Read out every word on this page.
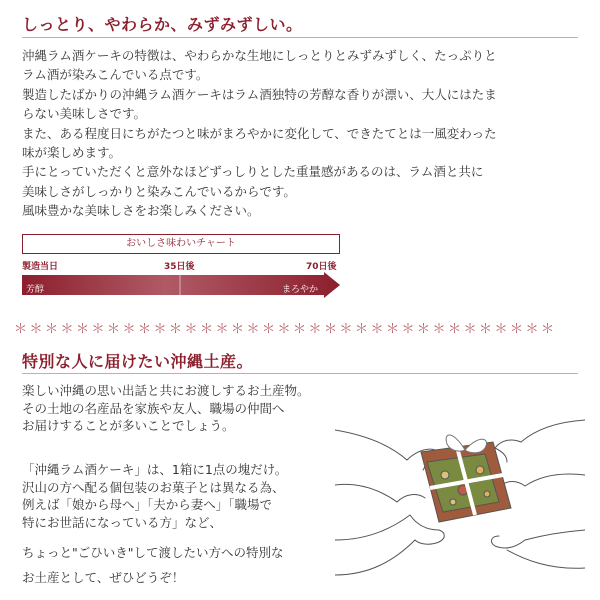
しっとり、やわらか、みずみずしい。

沖縄ラム酒ケーキの特徴は、やわらかな生地にしっとりとみずみずしく、たっぷりと

ラム酒が染みこんでいる点です。

製造したばかりの沖縄ラム酒ケーキはラム酒独特の芳醇な香りが漂い、大人にはたま

らない美味しさです。

また、ある程度日にちがたつと味がまろやかに変化して、できたてとは一風変わった

味が楽しめます。

手にとっていただくと意外なほどずっしりとした重量感があるのは、ラム酒と共に

美味しさがしっかりと染みこんでいるからです。

風味豊かな美味しさをお楽しみください。

おいしさ味わいチャート
製造当日	35日後	70日後
芳醇	まろやか
＊＊＊＊＊＊＊＊＊＊＊＊＊＊＊＊＊＊＊＊＊＊＊＊＊＊＊＊＊＊＊＊＊＊＊
特別な人に届けたい沖縄土産。

楽しい沖縄の思い出話と共にお渡しするお土産物。

その土地の名産品を家族や友人、職場の仲間へ

お届けすることが多いことでしょう。

「沖縄ラム酒ケーキ」は、1箱に1点の塊だけ。

沢山の方へ配る個包装のお菓子とは異なる為、

例えば「娘から母へ」「夫から妻へ」「職場で

特にお世話になっている方」など、

ちょっと"ごひいき"して渡したい方への特別な

お土産として、ぜひどうぞ！
